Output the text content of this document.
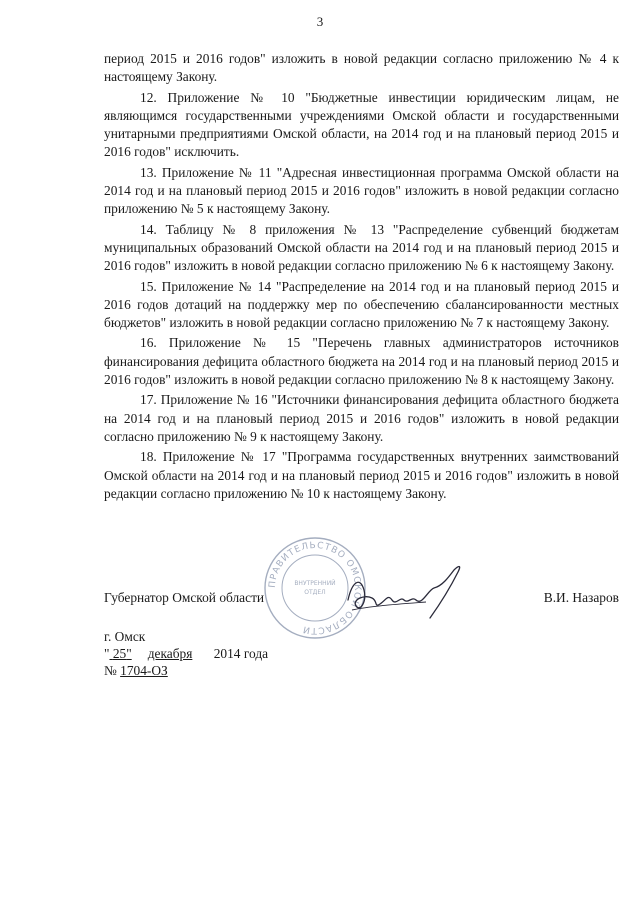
3

период 2015 и 2016 годов" изложить в новой редакции согласно приложению № 4 к настоящему Закону.

12. Приложение № 10 "Бюджетные инвестиции юридическим лицам, не являющимся государственными учреждениями Омской области и государственными унитарными предприятиями Омской области, на 2014 год и на плановый период 2015 и 2016 годов" исключить.

13. Приложение № 11 "Адресная инвестиционная программа Омской области на 2014 год и на плановый период 2015 и 2016 годов" изложить в новой редакции согласно приложению № 5 к настоящему Закону.

14. Таблицу № 8 приложения № 13 "Распределение субвенций бюджетам муниципальных образований Омской области на 2014 год и на плановый период 2015 и 2016 годов" изложить в новой редакции согласно приложению № 6 к настоящему Закону.

15. Приложение № 14 "Распределение на 2014 год и на плановый период 2015 и 2016 годов дотаций на поддержку мер по обеспечению сбалансированности местных бюджетов" изложить в новой редакции согласно приложению № 7 к настоящему Закону.

16. Приложение № 15 "Перечень главных администраторов источников финансирования дефицита областного бюджета на 2014 год и на плановый период 2015 и 2016 годов" изложить в новой редакции согласно приложению № 8 к настоящему Закону.

17. Приложение № 16 "Источники финансирования дефицита областного бюджета на 2014 год и на плановый период 2015 и 2016 годов" изложить в новой редакции согласно приложению № 9 к настоящему Закону.

18. Приложение № 17 "Программа государственных внутренних заимствований Омской области на 2014 год и на плановый период 2015 и 2016 годов" изложить в новой редакции согласно приложению № 10 к настоящему Закону.

ПРАВИТЕЛЬСТВО ОМСКОЙ ОБЛАСТИ
ВНУТРЕННИЙ
ОТДЕЛ
Губернатор Омской области	В.И. Назаров
г. Омск
" 25" декабря 2014 года
№ 1704-ОЗ
